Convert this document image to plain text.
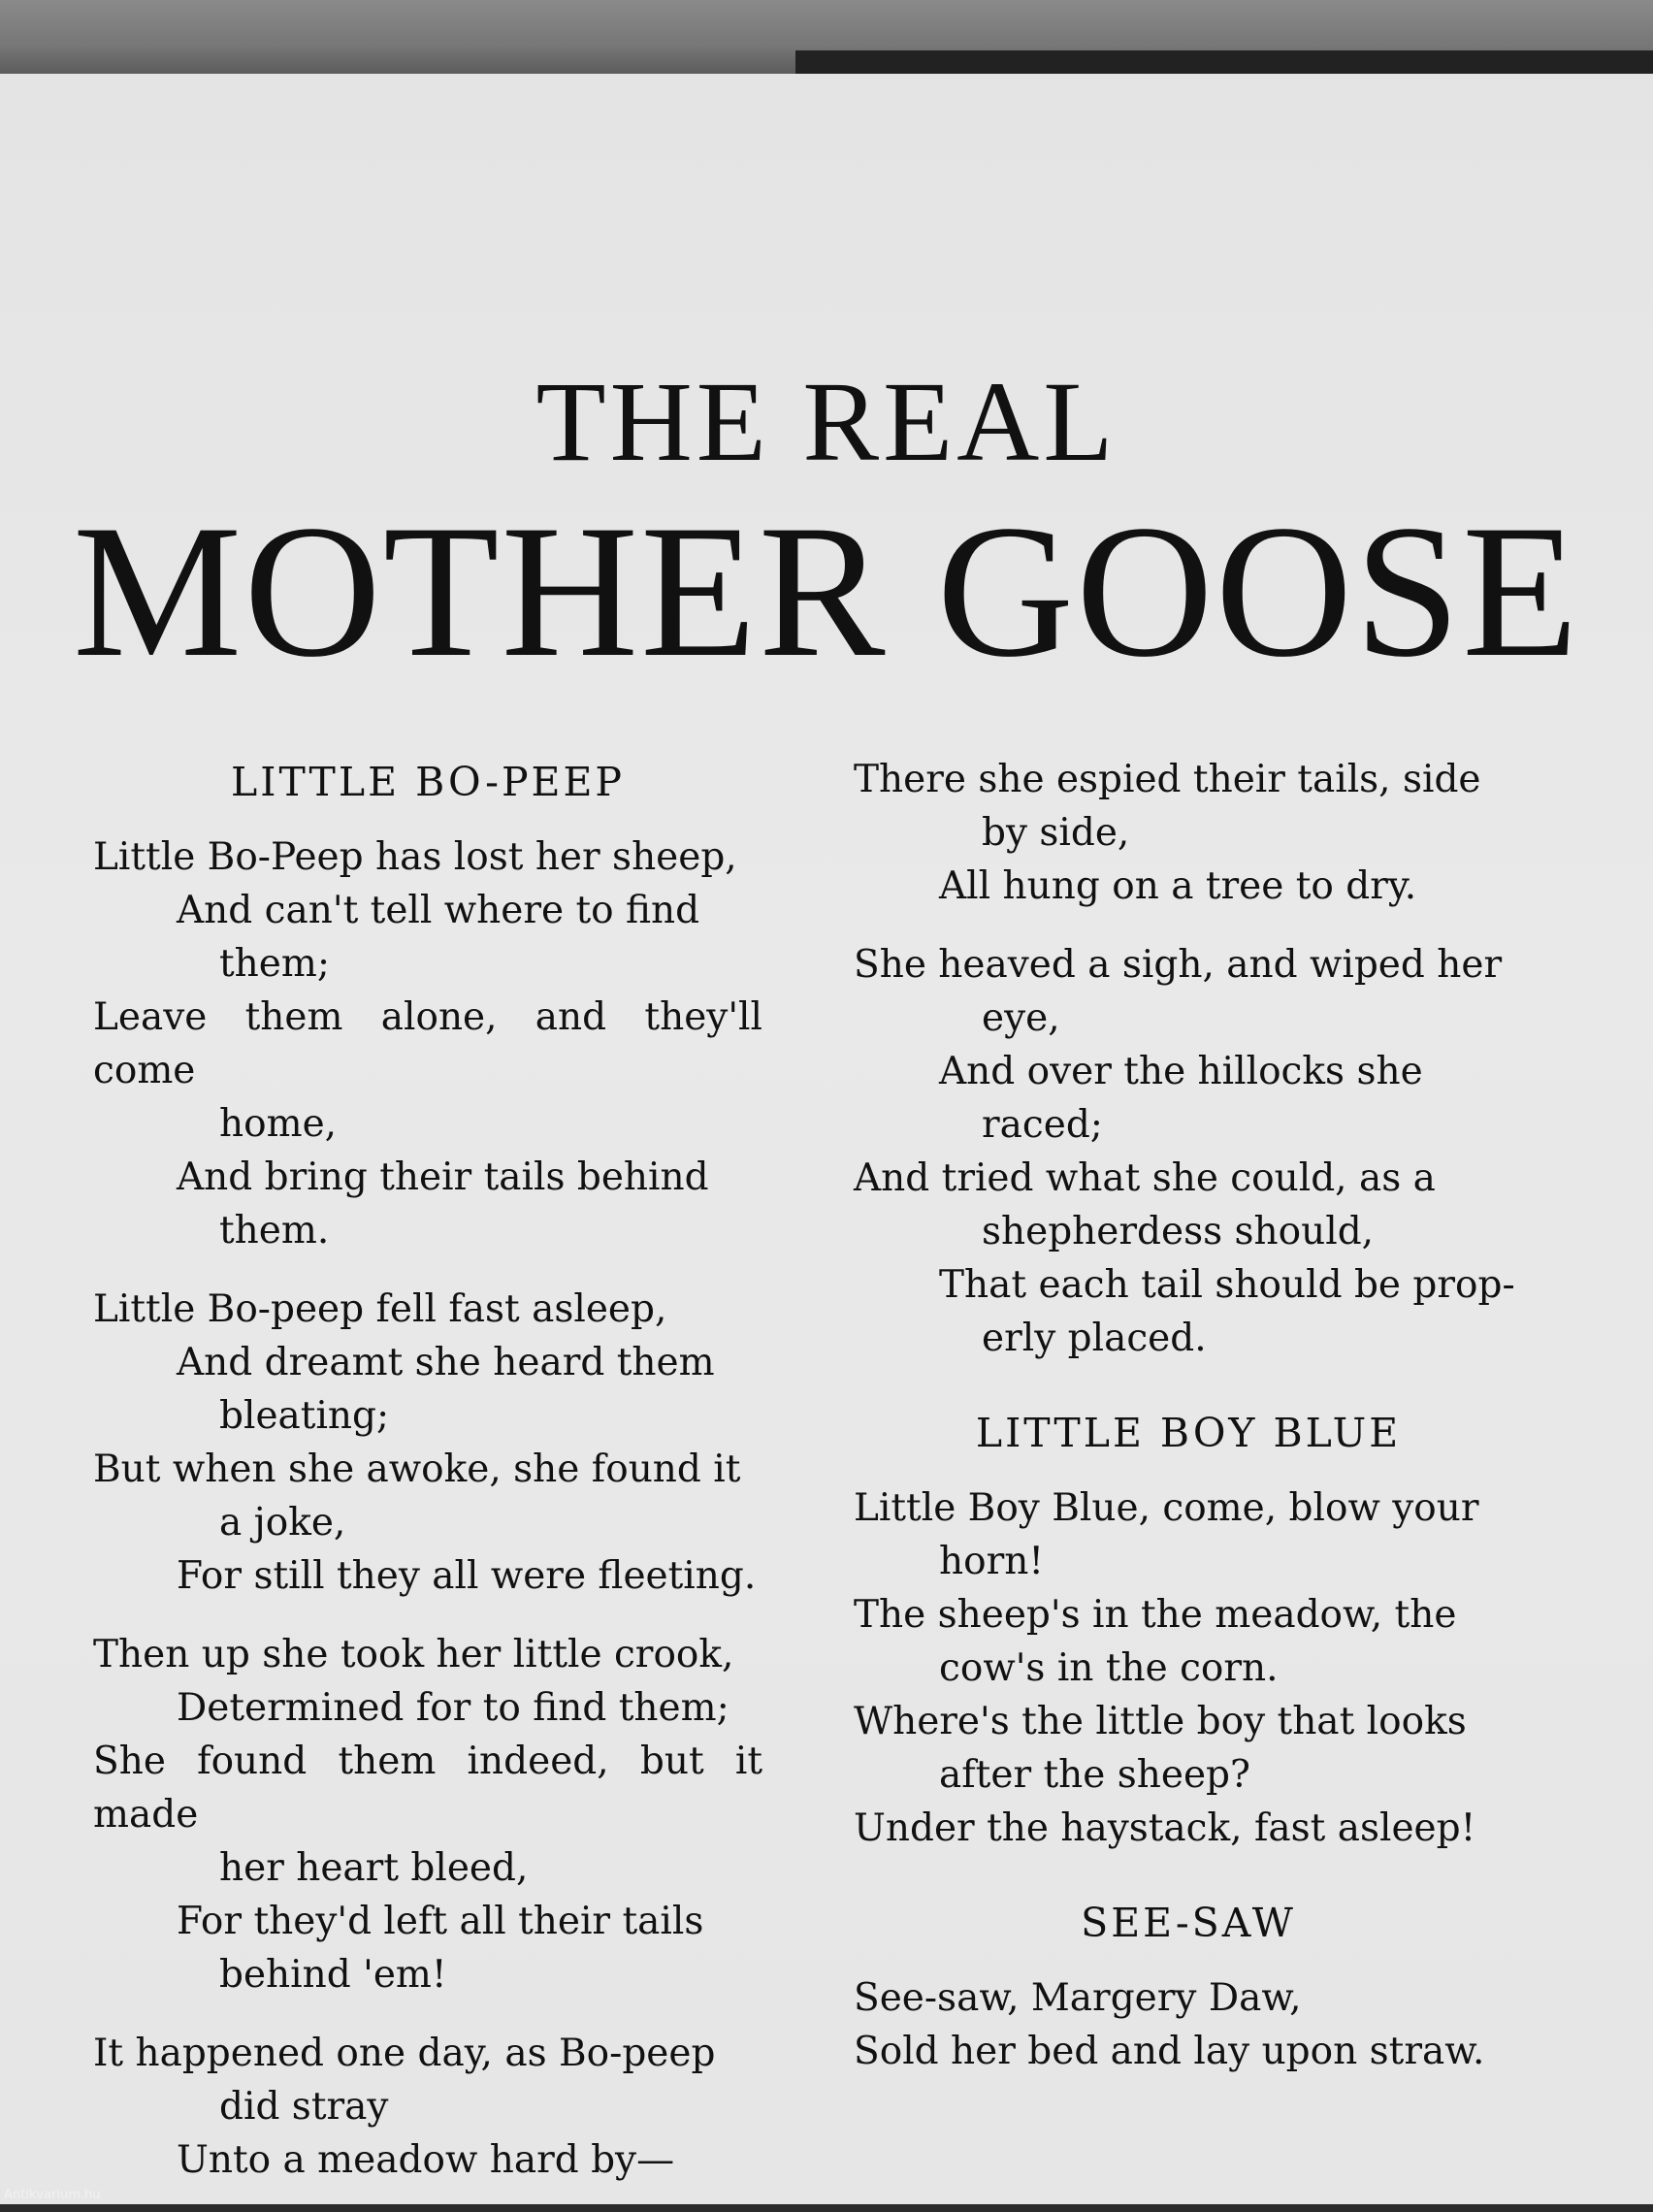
THE REAL
MOTHER GOOSE
LITTLE BO-PEEP
Little Bo-Peep has lost her sheep,
And can't tell where to find
them;
Leave them alone, and they'll come
home,
And bring their tails behind
them.
Little Bo-peep fell fast asleep,
And dreamt she heard them
bleating;
But when she awoke, she found it
a joke,
For still they all were fleeting.
Then up she took her little crook,
Determined for to find them;
She found them indeed, but it made
her heart bleed,
For they'd left all their tails
behind 'em!
It happened one day, as Bo-peep
did stray
Unto a meadow hard by—
There she espied their tails, side
by side,
All hung on a tree to dry.
She heaved a sigh, and wiped her
eye,
And over the hillocks she
raced;
And tried what she could, as a
shepherdess should,
That each tail should be prop-
erly placed.
LITTLE BOY BLUE
Little Boy Blue, come, blow your
horn!
The sheep's in the meadow, the
cow's in the corn.
Where's the little boy that looks
after the sheep?
Under the haystack, fast asleep!
SEE-SAW
See-saw, Margery Daw,
Sold her bed and lay upon straw.
Antikvarium.hu
